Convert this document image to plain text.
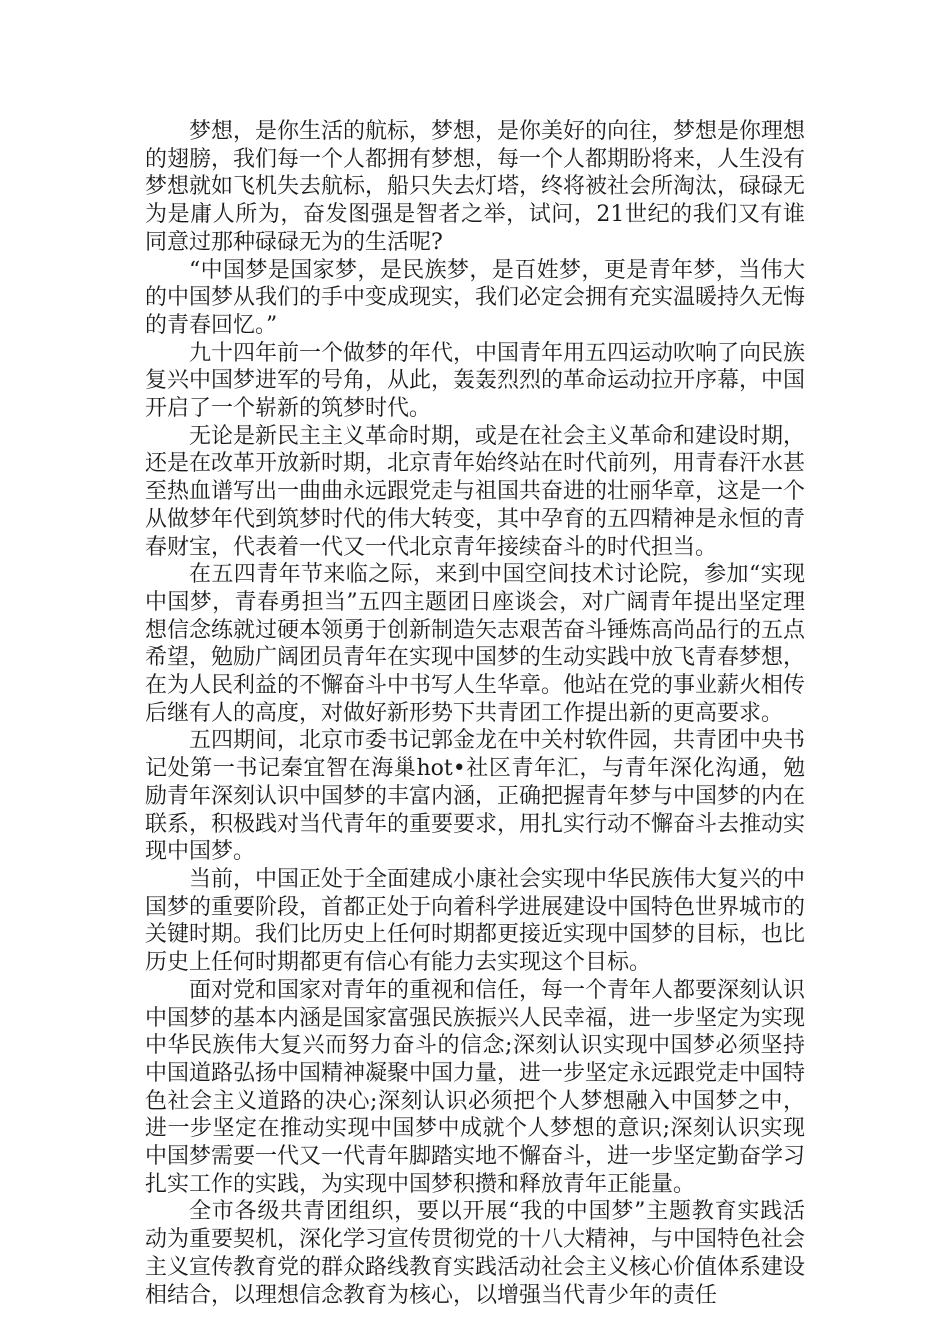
梦想，是你生活的航标，梦想，是你美好的向往，梦想是你理想的翅膀，我们每一个人都拥有梦想，每一个人都期盼将来，人生没有梦想就如飞机失去航标，船只失去灯塔，终将被社会所淘汰，碌碌无为是庸人所为，奋发图强是智者之举，试问，21世纪的我们又有谁同意过那种碌碌无为的生活呢?

“中国梦是国家梦，是民族梦，是百姓梦，更是青年梦，当伟大的中国梦从我们的手中变成现实，我们必定会拥有充实温暖持久无悔的青春回忆。”

九十四年前一个做梦的年代，中国青年用五四运动吹响了向民族复兴中国梦进军的号角，从此，轰轰烈烈的革命运动拉开序幕，中国开启了一个崭新的筑梦时代。

无论是新民主主义革命时期，或是在社会主义革命和建设时期，还是在改革开放新时期，北京青年始终站在时代前列，用青春汗水甚至热血谱写出一曲曲永远跟党走与祖国共奋进的壮丽华章，这是一个从做梦年代到筑梦时代的伟大转变，其中孕育的五四精神是永恒的青春财宝，代表着一代又一代北京青年接续奋斗的时代担当。

在五四青年节来临之际，来到中国空间技术讨论院，参加“实现中国梦，青春勇担当”五四主题团日座谈会，对广阔青年提出坚定理想信念练就过硬本领勇于创新制造矢志艰苦奋斗锤炼高尚品行的五点希望，勉励广阔团员青年在实现中国梦的生动实践中放飞青春梦想，在为人民利益的不懈奋斗中书写人生华章。他站在党的事业薪火相传后继有人的高度，对做好新形势下共青团工作提出新的更高要求。

五四期间，北京市委书记郭金龙在中关村软件园，共青团中央书记处第一书记秦宜智在海巢hot•社区青年汇，与青年深化沟通，勉励青年深刻认识中国梦的丰富内涵，正确把握青年梦与中国梦的内在联系，积极践对当代青年的重要要求，用扎实行动不懈奋斗去推动实现中国梦。

当前，中国正处于全面建成小康社会实现中华民族伟大复兴的中国梦的重要阶段，首都正处于向着科学进展建设中国特色世界城市的关键时期。我们比历史上任何时期都更接近实现中国梦的目标，也比历史上任何时期都更有信心有能力去实现这个目标。

面对党和国家对青年的重视和信任，每一个青年人都要深刻认识中国梦的基本内涵是国家富强民族振兴人民幸福，进一步坚定为实现中华民族伟大复兴而努力奋斗的信念;深刻认识实现中国梦必须坚持中国道路弘扬中国精神凝聚中国力量，进一步坚定永远跟党走中国特色社会主义道路的决心;深刻认识必须把个人梦想融入中国梦之中，进一步坚定在推动实现中国梦中成就个人梦想的意识;深刻认识实现中国梦需要一代又一代青年脚踏实地不懈奋斗，进一步坚定勤奋学习扎实工作的实践，为实现中国梦积攒和释放青年正能量。

全市各级共青团组织，要以开展“我的中国梦”主题教育实践活动为重要契机，深化学习宣传贯彻党的十八大精神，与中国特色社会主义宣传教育党的群众路线教育实践活动社会主义核心价值体系建设相结合，以理想信念教育为核心，以增强当代青少年的责任
